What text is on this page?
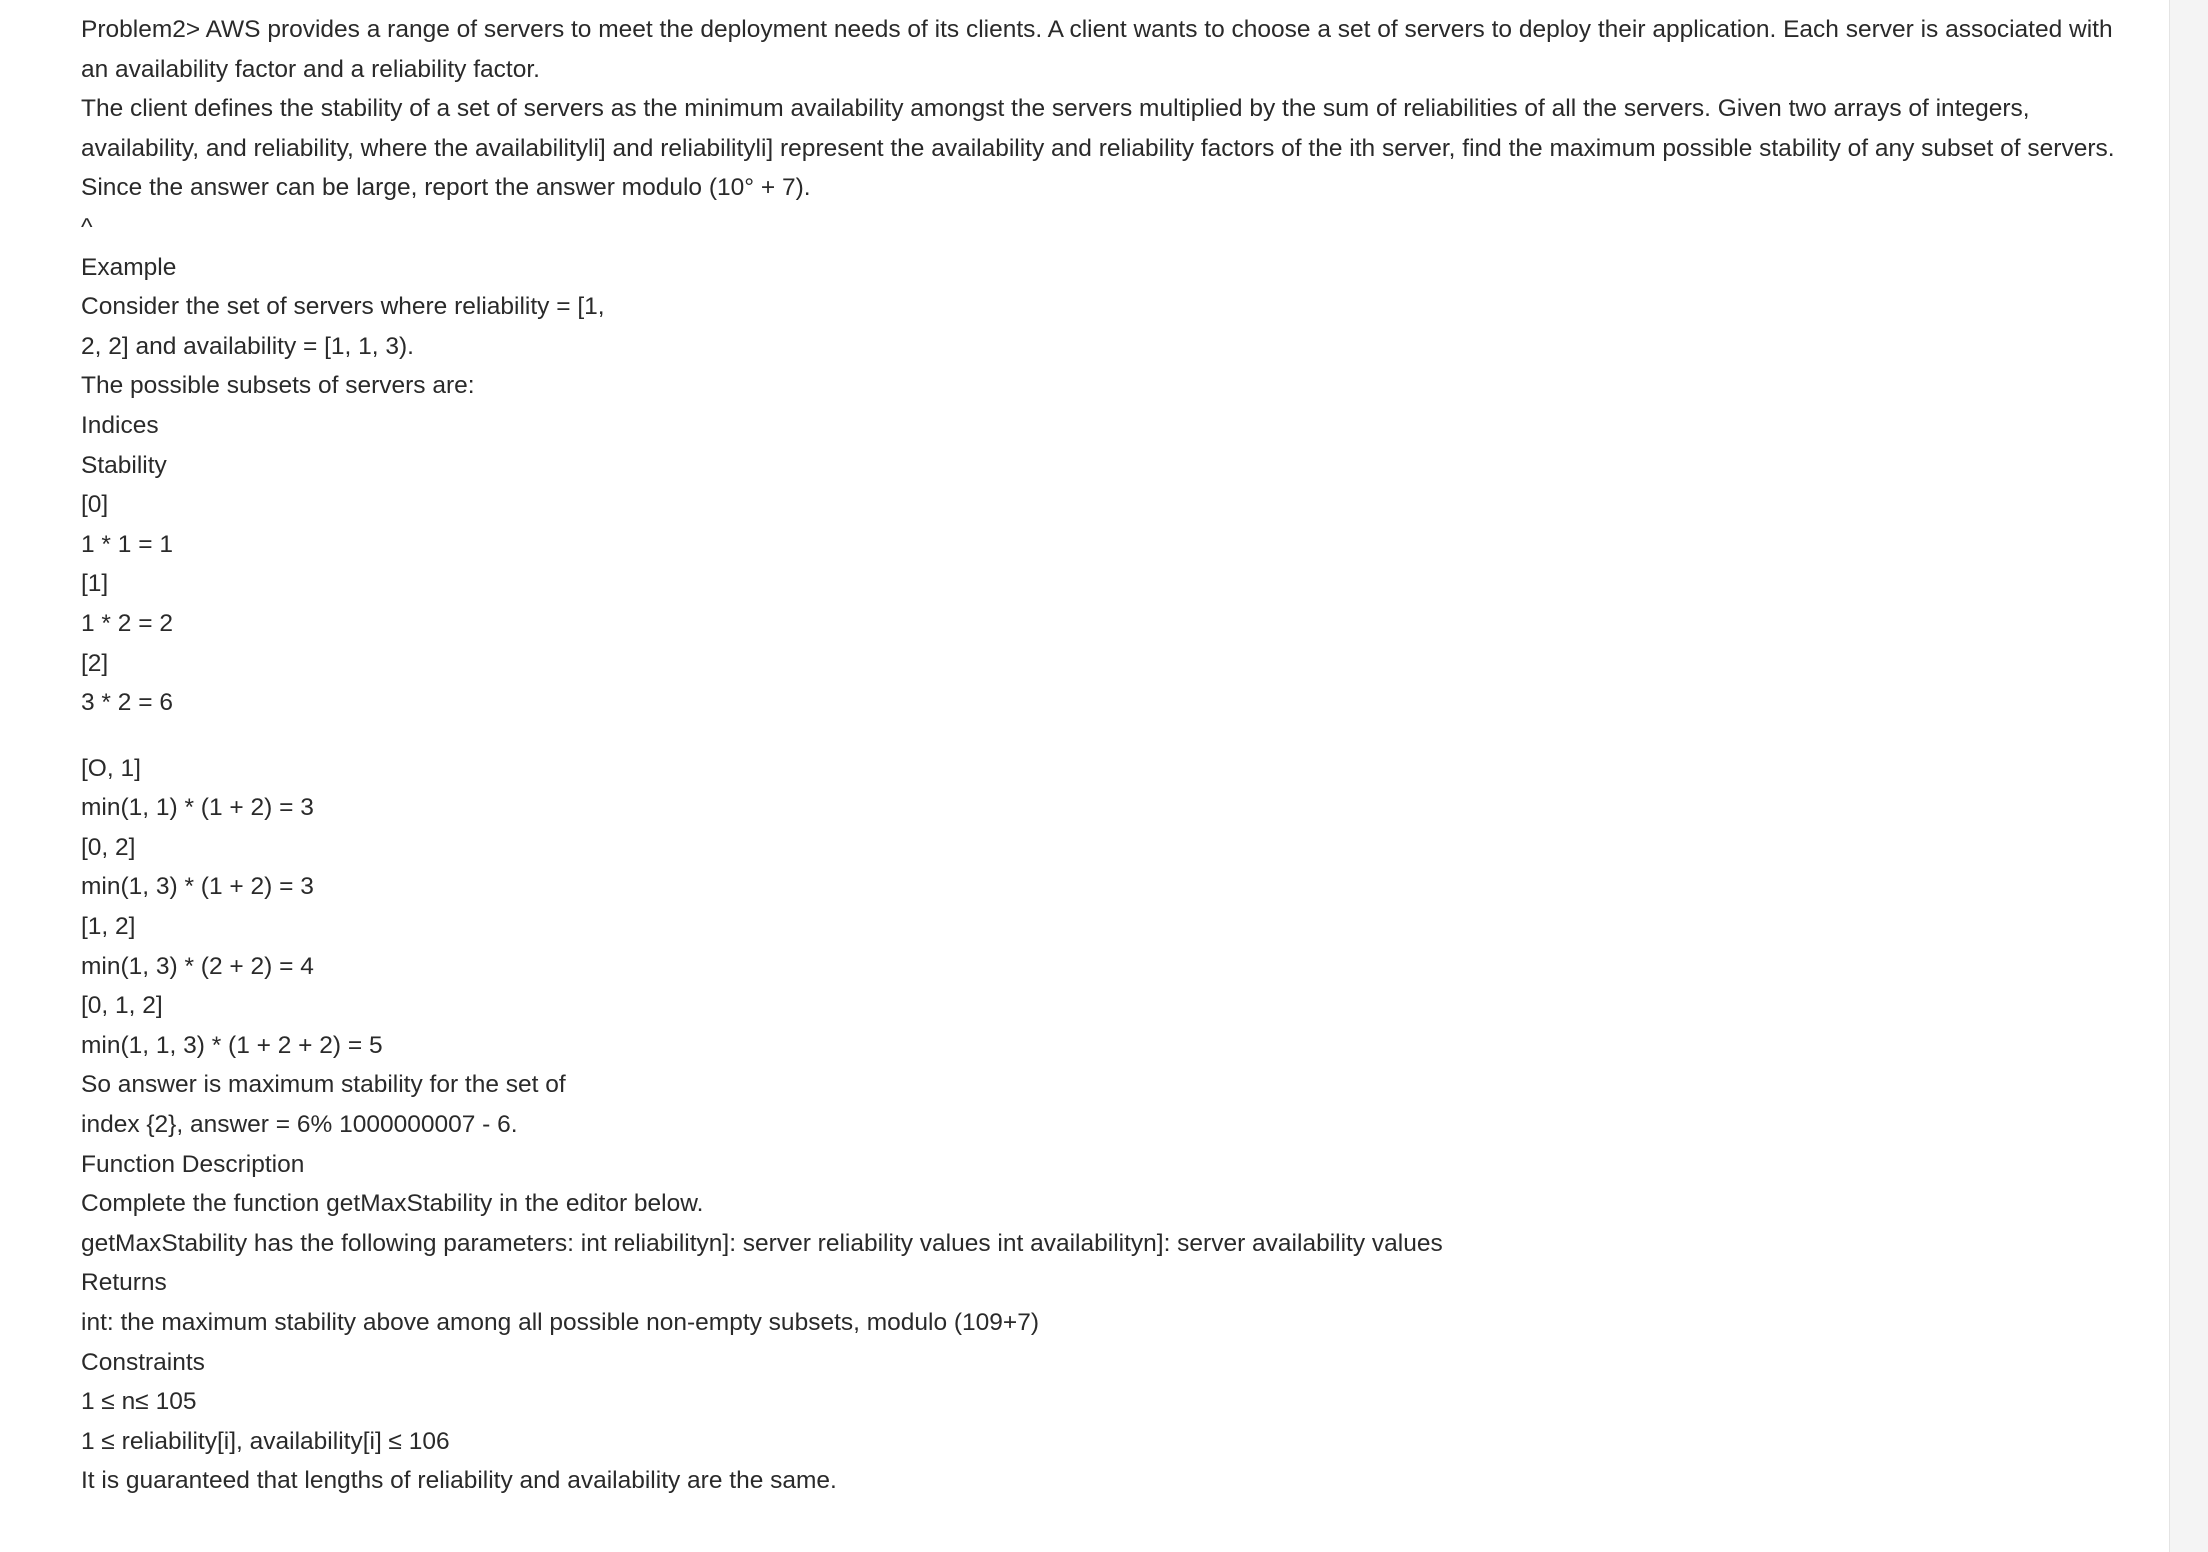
Problem2> AWS provides a range of servers to meet the deployment needs of its clients. A client wants to choose a set of servers to deploy their application. Each server is associated with an availability factor and a reliability factor.

The client defines the stability of a set of servers as the minimum availability amongst the servers multiplied by the sum of reliabilities of all the servers. Given two arrays of integers, availability, and reliability, where the availabilityli] and reliabilityli] represent the availability and reliability factors of the ith server, find the maximum possible stability of any subset of servers.

Since the answer can be large, report the answer modulo (10° + 7).

^

Example

Consider the set of servers where reliability = [1,

2, 2] and availability = [1, 1, 3).

The possible subsets of servers are:

Indices

Stability

[0]

1 * 1 = 1

[1]

1 * 2 = 2

[2]

3 * 2 = 6

[O, 1]

min(1, 1) * (1 + 2) = 3

[0, 2]

min(1, 3) * (1 + 2) = 3

[1, 2]

min(1, 3) * (2 + 2) = 4

[0, 1, 2]

min(1, 1, 3) * (1 + 2 + 2) = 5

So answer is maximum stability for the set of

index {2}, answer = 6% 1000000007 - 6.

Function Description

Complete the function getMaxStability in the editor below.

getMaxStability has the following parameters: int reliabilityn]: server reliability values int availabilityn]: server availability values

Returns

int: the maximum stability above among all possible non-empty subsets, modulo (109+7)

Constraints

1 ≤ n≤ 105

1 ≤ reliability[i], availability[i] ≤ 106

It is guaranteed that lengths of reliability and availability are the same.
